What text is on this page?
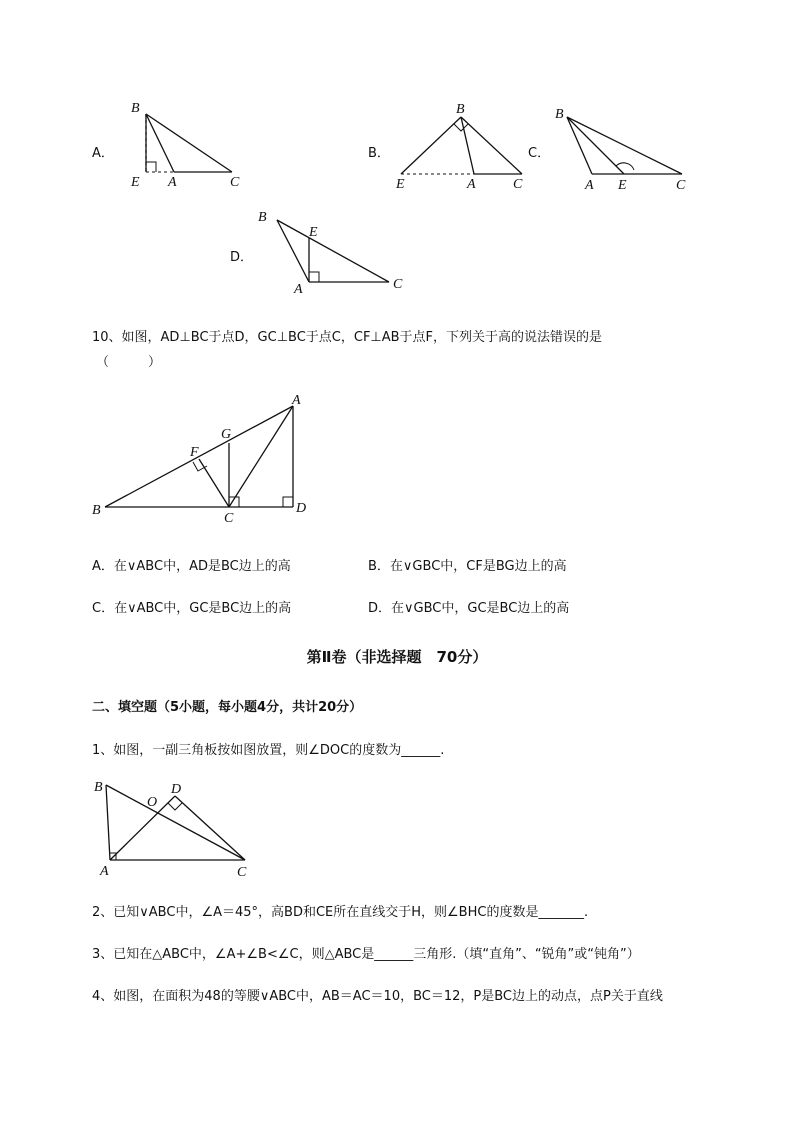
A．
B
E A	C
B．
B
E	A	C
C．
B
A E	C
D．
B
E
A	C
10、如图，AD⊥BC于点D，GC⊥BC于点C，CF⊥AB于点F，下列关于高的说法错误的是
（　　　）
A
G
F
B
C
D
A．在∨ABC中，AD是BC边上的高	B．在∨GBC中，CF是BG边上的高
C．在∨ABC中，GC是BC边上的高	D．在∨GBC中，GC是BC边上的高
第Ⅱ卷（非选择题　70分）
二、填空题（5小题，每小题4分，共计20分）
1、如图，一副三角板按如图放置，则∠DOC的度数为______.
B	D
O
A	C
2、已知∨ABC中，∠A＝45°，高BD和CE所在直线交于H，则∠BHC的度数是_______.
3、已知在△ABC中，∠A+∠B<∠C，则△ABC是______三角形.（填“直角”、“锐角”或“钝角”）
4、如图，在面积为48的等腰∨ABC中，AB＝AC＝10，BC＝12，P是BC边上的动点，点P关于直线
